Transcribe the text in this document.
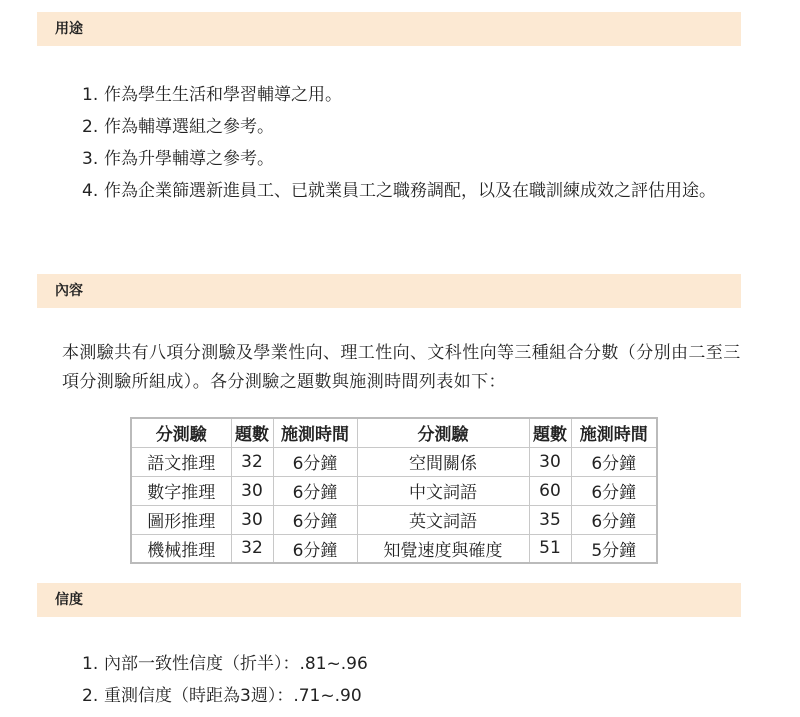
用途
1. 作為學生生活和學習輔導之用。
2. 作為輔導選組之參考。
3. 作為升學輔導之參考。
4. 作為企業篩選新進員工、已就業員工之職務調配，以及在職訓練成效之評估用途。
內容

本測驗共有八項分測驗及學業性向、理工性向、文科性向等三種組合分數（分別由二至三項分測驗所組成）。各分測驗之題數與施測時間列表如下：

分測驗	題數	施測時間	分測驗	題數	施測時間
語文推理	32	6分鐘	空間關係	30	6分鐘
數字推理	30	6分鐘	中文詞語	60	6分鐘
圖形推理	30	6分鐘	英文詞語	35	6分鐘
機械推理	32	6分鐘	知覺速度與確度	51	5分鐘
信度
1. 內部一致性信度（折半）：.81~.96
2. 重測信度（時距為3週）：.71~.90
